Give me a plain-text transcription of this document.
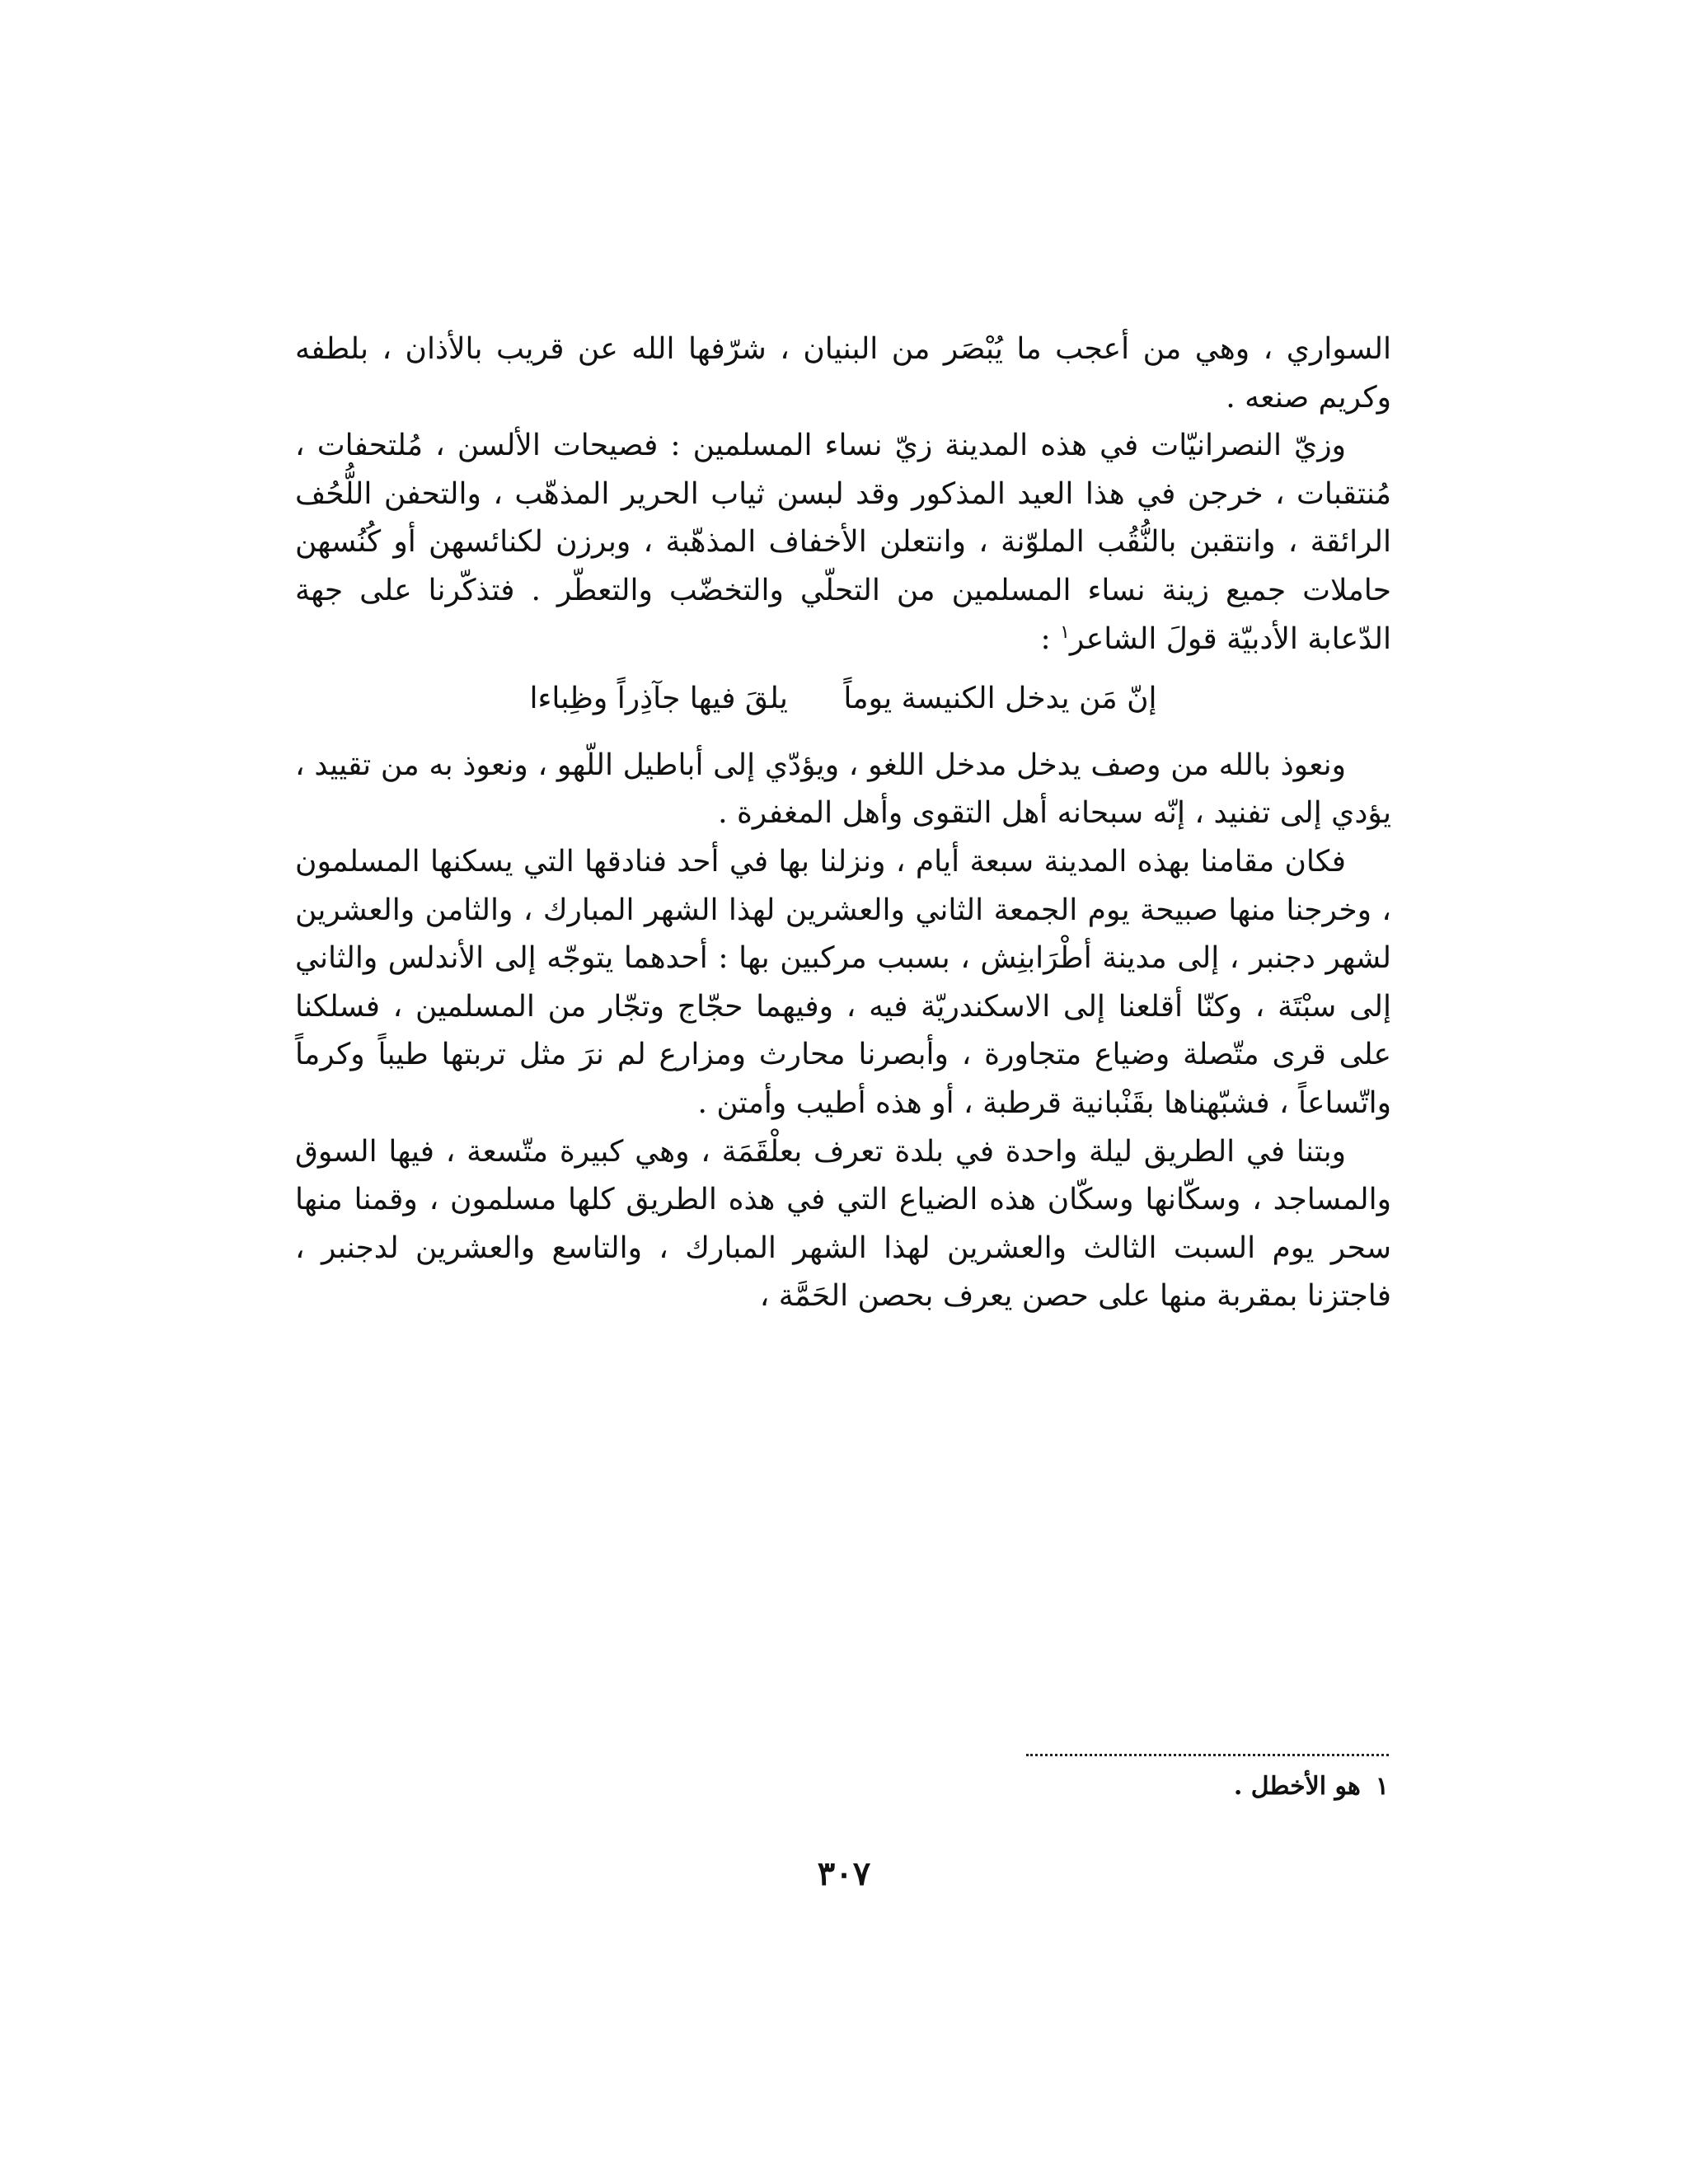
السواري ، وهي من أعجب ما يُبْصَر من البنيان ، شرّفها الله عن قريب بالأذان ، بلطفه وكريم صنعه .

وزيّ النصرانيّات في هذه المدينة زيّ نساء المسلمين : فصيحات الألسن ، مُلتحفات ، مُنتقبات ، خرجن في هذا العيد المذكور وقد لبسن ثياب الحرير المذهّب ، والتحفن اللُّحُف الرائقة ، وانتقبن بالنُّقُب الملوّنة ، وانتعلن الأخفاف المذهّبة ، وبرزن لكنائسهن أو كُنُسهن حاملات جميع زينة نساء المسلمين من التحلّي والتخضّب والتعطّر . فتذكّرنا على جهة الدّعابة الأدبيّة قولَ الشاعر$^١$ :

إنّ مَن يدخل الكنيسة يوماً يلقَ فيها جآذِراً وظِباءا

ونعوذ بالله من وصف يدخل مدخل اللغو ، ويؤدّي إلى أباطيل اللّهو ، ونعوذ به من تقييد ، يؤدي إلى تفنيد ، إنّه سبحانه أهل التقوى وأهل المغفرة .

فكان مقامنا بهذه المدينة سبعة أيام ، ونزلنا بها في أحد فنادقها التي يسكنها المسلمون ، وخرجنا منها صبيحة يوم الجمعة الثاني والعشرين لهذا الشهر المبارك ، والثامن والعشرين لشهر دجنبر ، إلى مدينة أطْرَابنِش ، بسبب مركبين بها : أحدهما يتوجّه إلى الأندلس والثاني إلى سبْتَة ، وكنّا أقلعنا إلى الاسكندريّة فيه ، وفيهما حجّاج وتجّار من المسلمين ، فسلكنا على قرى متّصلة وضياع متجاورة ، وأبصرنا محارث ومزارع لم نرَ مثل تربتها طيباً وكرماً واتّساعاً ، فشبّهناها بقَنْبانية قرطبة ، أو هذه أطيب وأمتن .

وبتنا في الطريق ليلة واحدة في بلدة تعرف بعلْقَمَة ، وهي كبيرة متّسعة ، فيها السوق والمساجد ، وسكّانها وسكّان هذه الضياع التي في هذه الطريق كلها مسلمون ، وقمنا منها سحر يوم السبت الثالث والعشرين لهذا الشهر المبارك ، والتاسع والعشرين لدجنبر ، فاجتزنا بمقربة منها على حصن يعرف بحصن الحَمَّة ،

١هو الأخطل .
٣٠٧
